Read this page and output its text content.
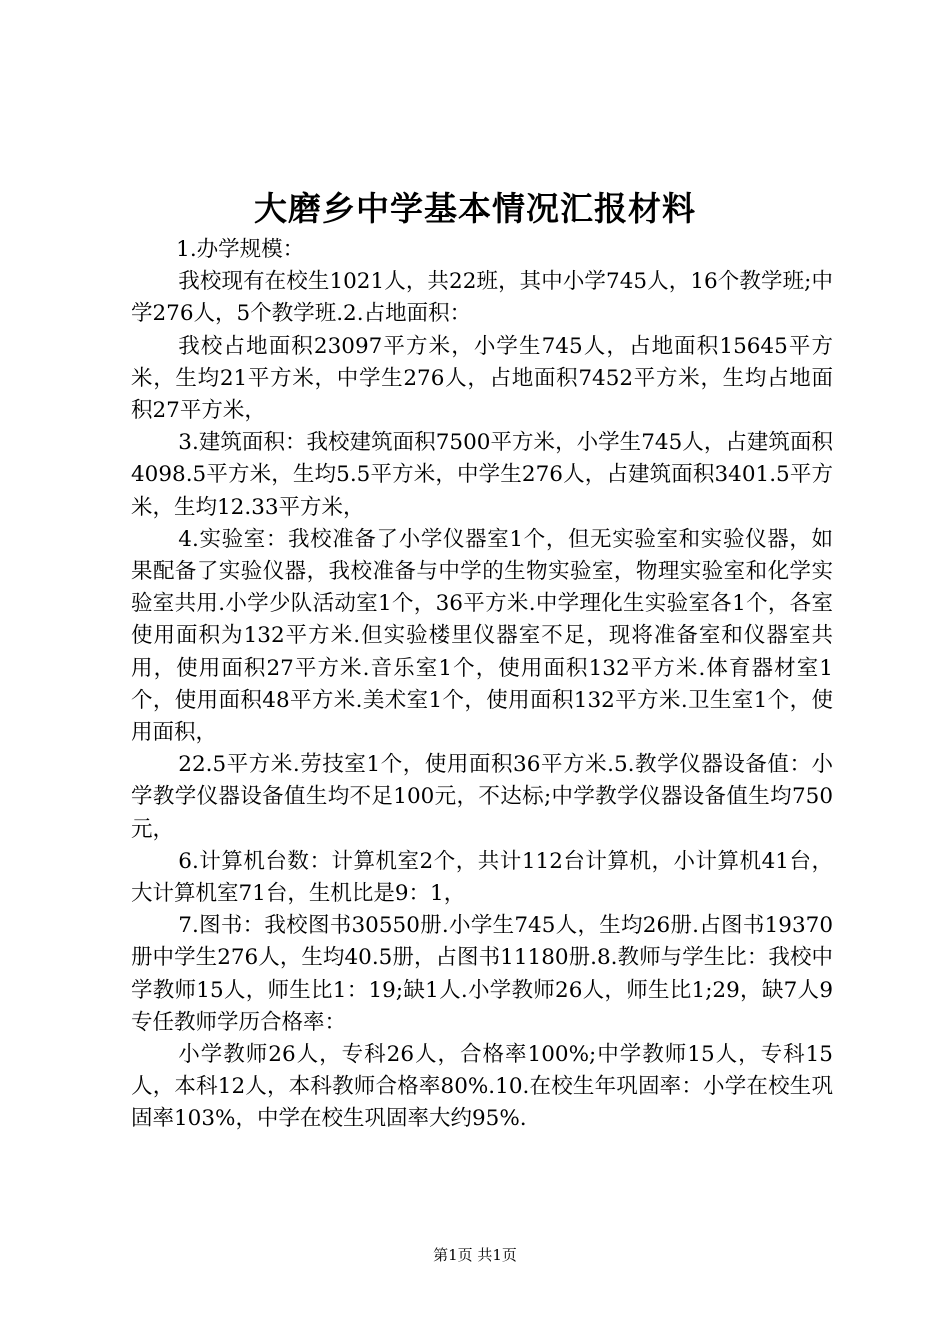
大磨乡中学基本情况汇报材料

1.办学规模：

我校现有在校生1021人，共22班，其中小学745人，16个教学班;中学276人，5个教学班.2.占地面积：

我校占地面积23097平方米，小学生745人，占地面积15645平方米，生均21平方米，中学生276人，占地面积7452平方米，生均占地面积27平方米，

3.建筑面积：我校建筑面积7500平方米，小学生745人，占建筑面积4098.5平方米，生均5.5平方米，中学生276人，占建筑面积3401.5平方米，生均12.33平方米，

4.实验室：我校准备了小学仪器室1个，但无实验室和实验仪器，如果配备了实验仪器，我校准备与中学的生物实验室，物理实验室和化学实验室共用.小学少队活动室1个，36平方米.中学理化生实验室各1个，各室使用面积为132平方米.但实验楼里仪器室不足，现将准备室和仪器室共用，使用面积27平方米.音乐室1个，使用面积132平方米.体育器材室1个，使用面积48平方米.美术室1个，使用面积132平方米.卫生室1个，使用面积，

22.5平方米.劳技室1个，使用面积36平方米.5.教学仪器设备值：小学教学仪器设备值生均不足100元，不达标;中学教学仪器设备值生均750元，

6.计算机台数：计算机室2个，共计112台计算机，小计算机41台，大计算机室71台，生机比是9：1，

7.图书：我校图书30550册.小学生745人，生均26册.占图书19370册中学生276人，生均40.5册，占图书11180册.8.教师与学生比：我校中学教师15人，师生比1：19;缺1人.小学教师26人，师生比1;29，缺7人9专任教师学历合格率：

小学教师26人，专科26人，合格率100%;中学教师15人，专科15人，本科12人，本科教师合格率80%.10.在校生年巩固率：小学在校生巩固率103%，中学在校生巩固率大约95%.

第1页 共1页
